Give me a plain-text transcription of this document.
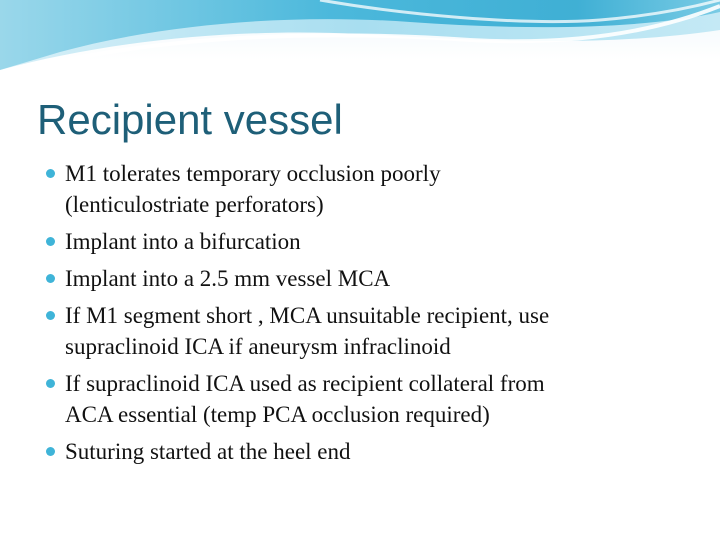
Recipient vessel
M1 tolerates temporary occlusion poorly
(lenticulostriate perforators)
Implant into a bifurcation
Implant into a 2.5 mm vessel MCA
If M1 segment short , MCA unsuitable recipient, use
supraclinoid ICA if aneurysm infraclinoid
If supraclinoid ICA used as recipient collateral from
ACA essential (temp PCA occlusion required)
Suturing started at the heel end
